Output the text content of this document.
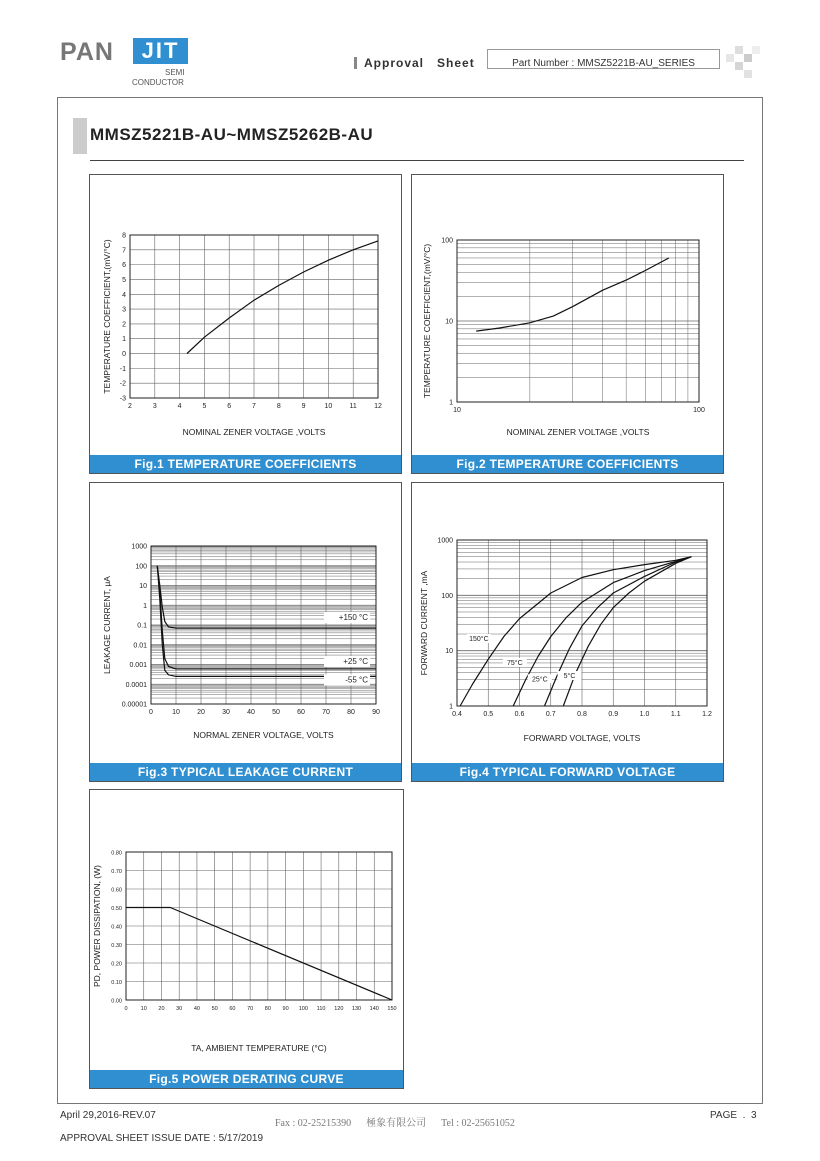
PAN	JIT
SEMI
CONDUCTOR
Approval   Sheet	Part Number : MMSZ5221B-AU_SERIES
MMSZ5221B-AU~MMSZ5262B-AU
2	3	4	5	6	7	8	9	10 11 12
-3
-2
-1
0
1
2
3
4
5
6
7
8
NOMINAL ZENER VOLTAGE ,VOLTS
TEMPERATURE COEFFICIENT,(mV/°C)
Fig.1 TEMPERATURE COEFFICIENTS
10	100
1
10
100
NOMINAL ZENER VOLTAGE ,VOLTS
TEMPERATURE COEFFICIENT,(mV/°C)
Fig.2 TEMPERATURE COEFFICIENTS
0	10 20 30 40 50 60 70 80 90
0.00001
0.0001
0.001
0.01
0.1
1
10
100
1000
NORMAL ZENER VOLTAGE, VOLTS
LEAKAGE CURRENT, μA	+150 °C
+25 °C
-55 °C
Fig.3 TYPICAL LEAKAGE CURRENT
0.4	0.5	0.6	0.7	0.8	0.9	1.0	1.1	1.2
1
10
100
1000
FORWARD VOLTAGE, VOLTS
FORWARD CURRENT ,mA	150°C
75°C
25°C 5°C
Fig.4 TYPICAL FORWARD VOLTAGE
0 10 20 30 40 50 60 70 80 90 100 110 120 130 140 150
0.00
0.10
0.20
0.30
0.40
0.50
0.60
0.70
0.80
TA, AMBIENT TEMPERATURE (°C)
PD, POWER DISSIPATION, (W)
Fig.5 POWER DERATING CURVE
April 29,2016-REV.07
Fax : 02-25215390      極象有限公司      Tel : 02-25651052
PAGE  .  3
APPROVAL SHEET ISSUE DATE : 5/17/2019
